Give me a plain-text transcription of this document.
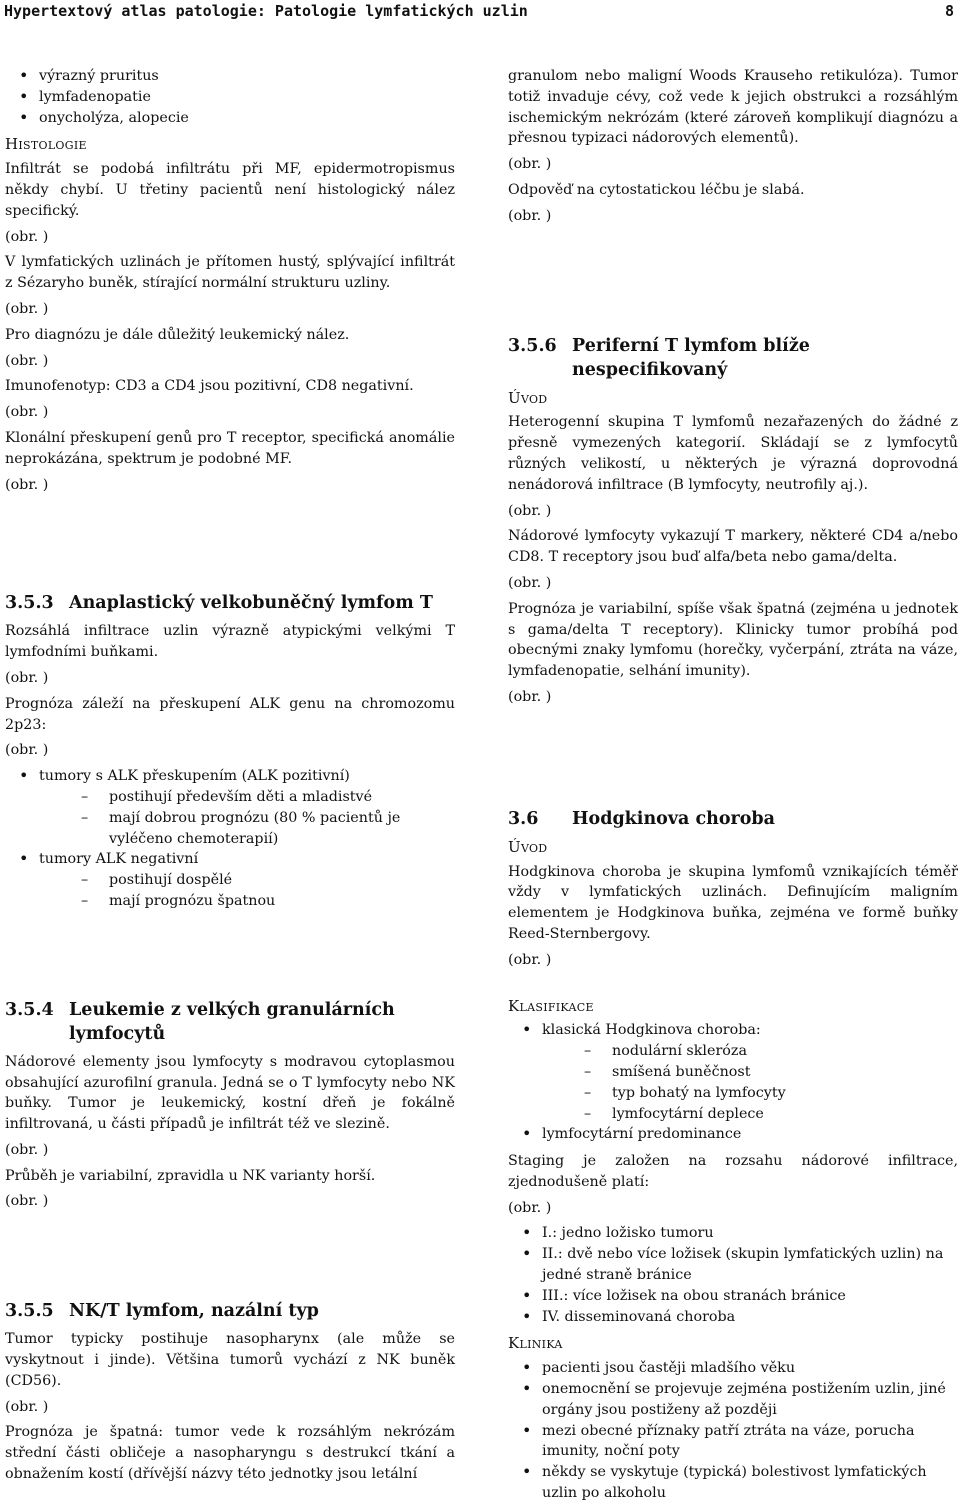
Hypertextový atlas patologie: Patologie lymfatických uzlin	8
• výrazný pruritus
• lymfadenopatie
• onycholýza, alopecie
Histologie

Infiltrát se podobá infiltrátu při MF, epidermotropismus někdy chybí. U třetiny pacientů není histologický nález specifický.

(obr. )

V lymfatických uzlinách je přítomen hustý, splývající infiltrát z Sézaryho buněk, stírající normální strukturu uzliny.

(obr. )

Pro diagnózu je dále důležitý leukemický nález.

(obr. )

Imunofenotyp: CD3 a CD4 jsou pozitivní, CD8 negativní.

(obr. )

Klonální přeskupení genů pro T receptor, specifická anomálie neprokázána, spektrum je podobné MF.

(obr. )
3.5.3 Anaplastický velkobuněčný lymfom T

Rozsáhlá infiltrace uzlin výrazně atypickými velkými T lymfodními buňkami.

(obr. )

Prognóza záleží na přeskupení ALK genu na chromozomu 2p23:

(obr. )
• tumory s ALK přeskupením (ALK pozitivní)
– postihují především děti a mladistvé
– mají dobrou prognózu (80 % pacientů je vyléčeno chemoterapií)
• tumory ALK negativní
– postihují dospělé
– mají prognózu špatnou
3.5.4 Leukemie z velkých granulárních lymfocytů

Nádorové elementy jsou lymfocyty s modravou cytoplasmou obsahující azurofilní granula. Jedná se o T lymfocyty nebo NK buňky. Tumor je leukemický, kostní dřeň je fokálně infiltrovaná, u části případů je infiltrát též ve slezině.

(obr. )

Průběh je variabilní, zpravidla u NK varianty horší.

(obr. )
3.5.5 NK/T lymfom, nazální typ

Tumor typicky postihuje nasopharynx (ale může se vyskytnout i jinde). Většina tumorů vychází z NK buněk (CD56).

(obr. )

Prognóza je špatná: tumor vede k rozsáhlým nekrózám střední části obličeje a nasopharyngu s destrukcí tkání a obnažením kostí (dřívější názvy této jednotky jsou letální

granulom nebo maligní Woods Krauseho retikulóza). Tumor totiž invaduje cévy, což vede k jejich obstrukci a rozsáhlým ischemickým nekrózám (které zároveň komplikují diagnózu a přesnou typizaci nádorových elementů).

(obr. )

Odpověď na cytostatickou léčbu je slabá.

(obr. )
3.5.6 Periferní T lymfom blíže nespecifikovaný
Úvod

Heterogenní skupina T lymfomů nezařazených do žádné z přesně vymezených kategorií. Skládají se z lymfocytů různých velikostí, u některých je výrazná doprovodná nenádorová infiltrace (B lymfocyty, neutrofily aj.).

(obr. )

Nádorové lymfocyty vykazují T markery, některé CD4 a/nebo CD8. T receptory jsou buď alfa/beta nebo gama/delta.

(obr. )

Prognóza je variabilní, spíše však špatná (zejména u jednotek s gama/delta T receptory). Klinicky tumor probíhá pod obecnými znaky lymfomu (horečky, vyčerpání, ztráta na váze, lymfadenopatie, selhání imunity).

(obr. )
3.6	Hodgkinova choroba
Úvod

Hodgkinova choroba je skupina lymfomů vznikajících téměř vždy v lymfatických uzlinách. Definujícím maligním elementem je Hodgkinova buňka, zejména ve formě buňky Reed-Sternbergovy.

(obr. )
Klasifikace
• klasická Hodgkinova choroba:
– nodulární skleróza
– smíšená buněčnost
– typ bohatý na lymfocyty
– lymfocytární deplece
• lymfocytární predominance

Staging je založen na rozsahu nádorové infiltrace, zjednodušeně platí:

(obr. )
• I.: jedno ložisko tumoru
• II.: dvě nebo více ložisek (skupin lymfatických uzlin) na jedné straně bránice
• III.: více ložisek na obou stranách bránice
• IV. disseminovaná choroba
Klinika
• pacienti jsou častěji mladšího věku
• onemocnění se projevuje zejména postižením uzlin, jiné orgány jsou postiženy až později
• mezi obecné příznaky patří ztráta na váze, porucha imunity, noční poty
• někdy se vyskytuje (typická) bolestivost lymfatických uzlin po alkoholu
